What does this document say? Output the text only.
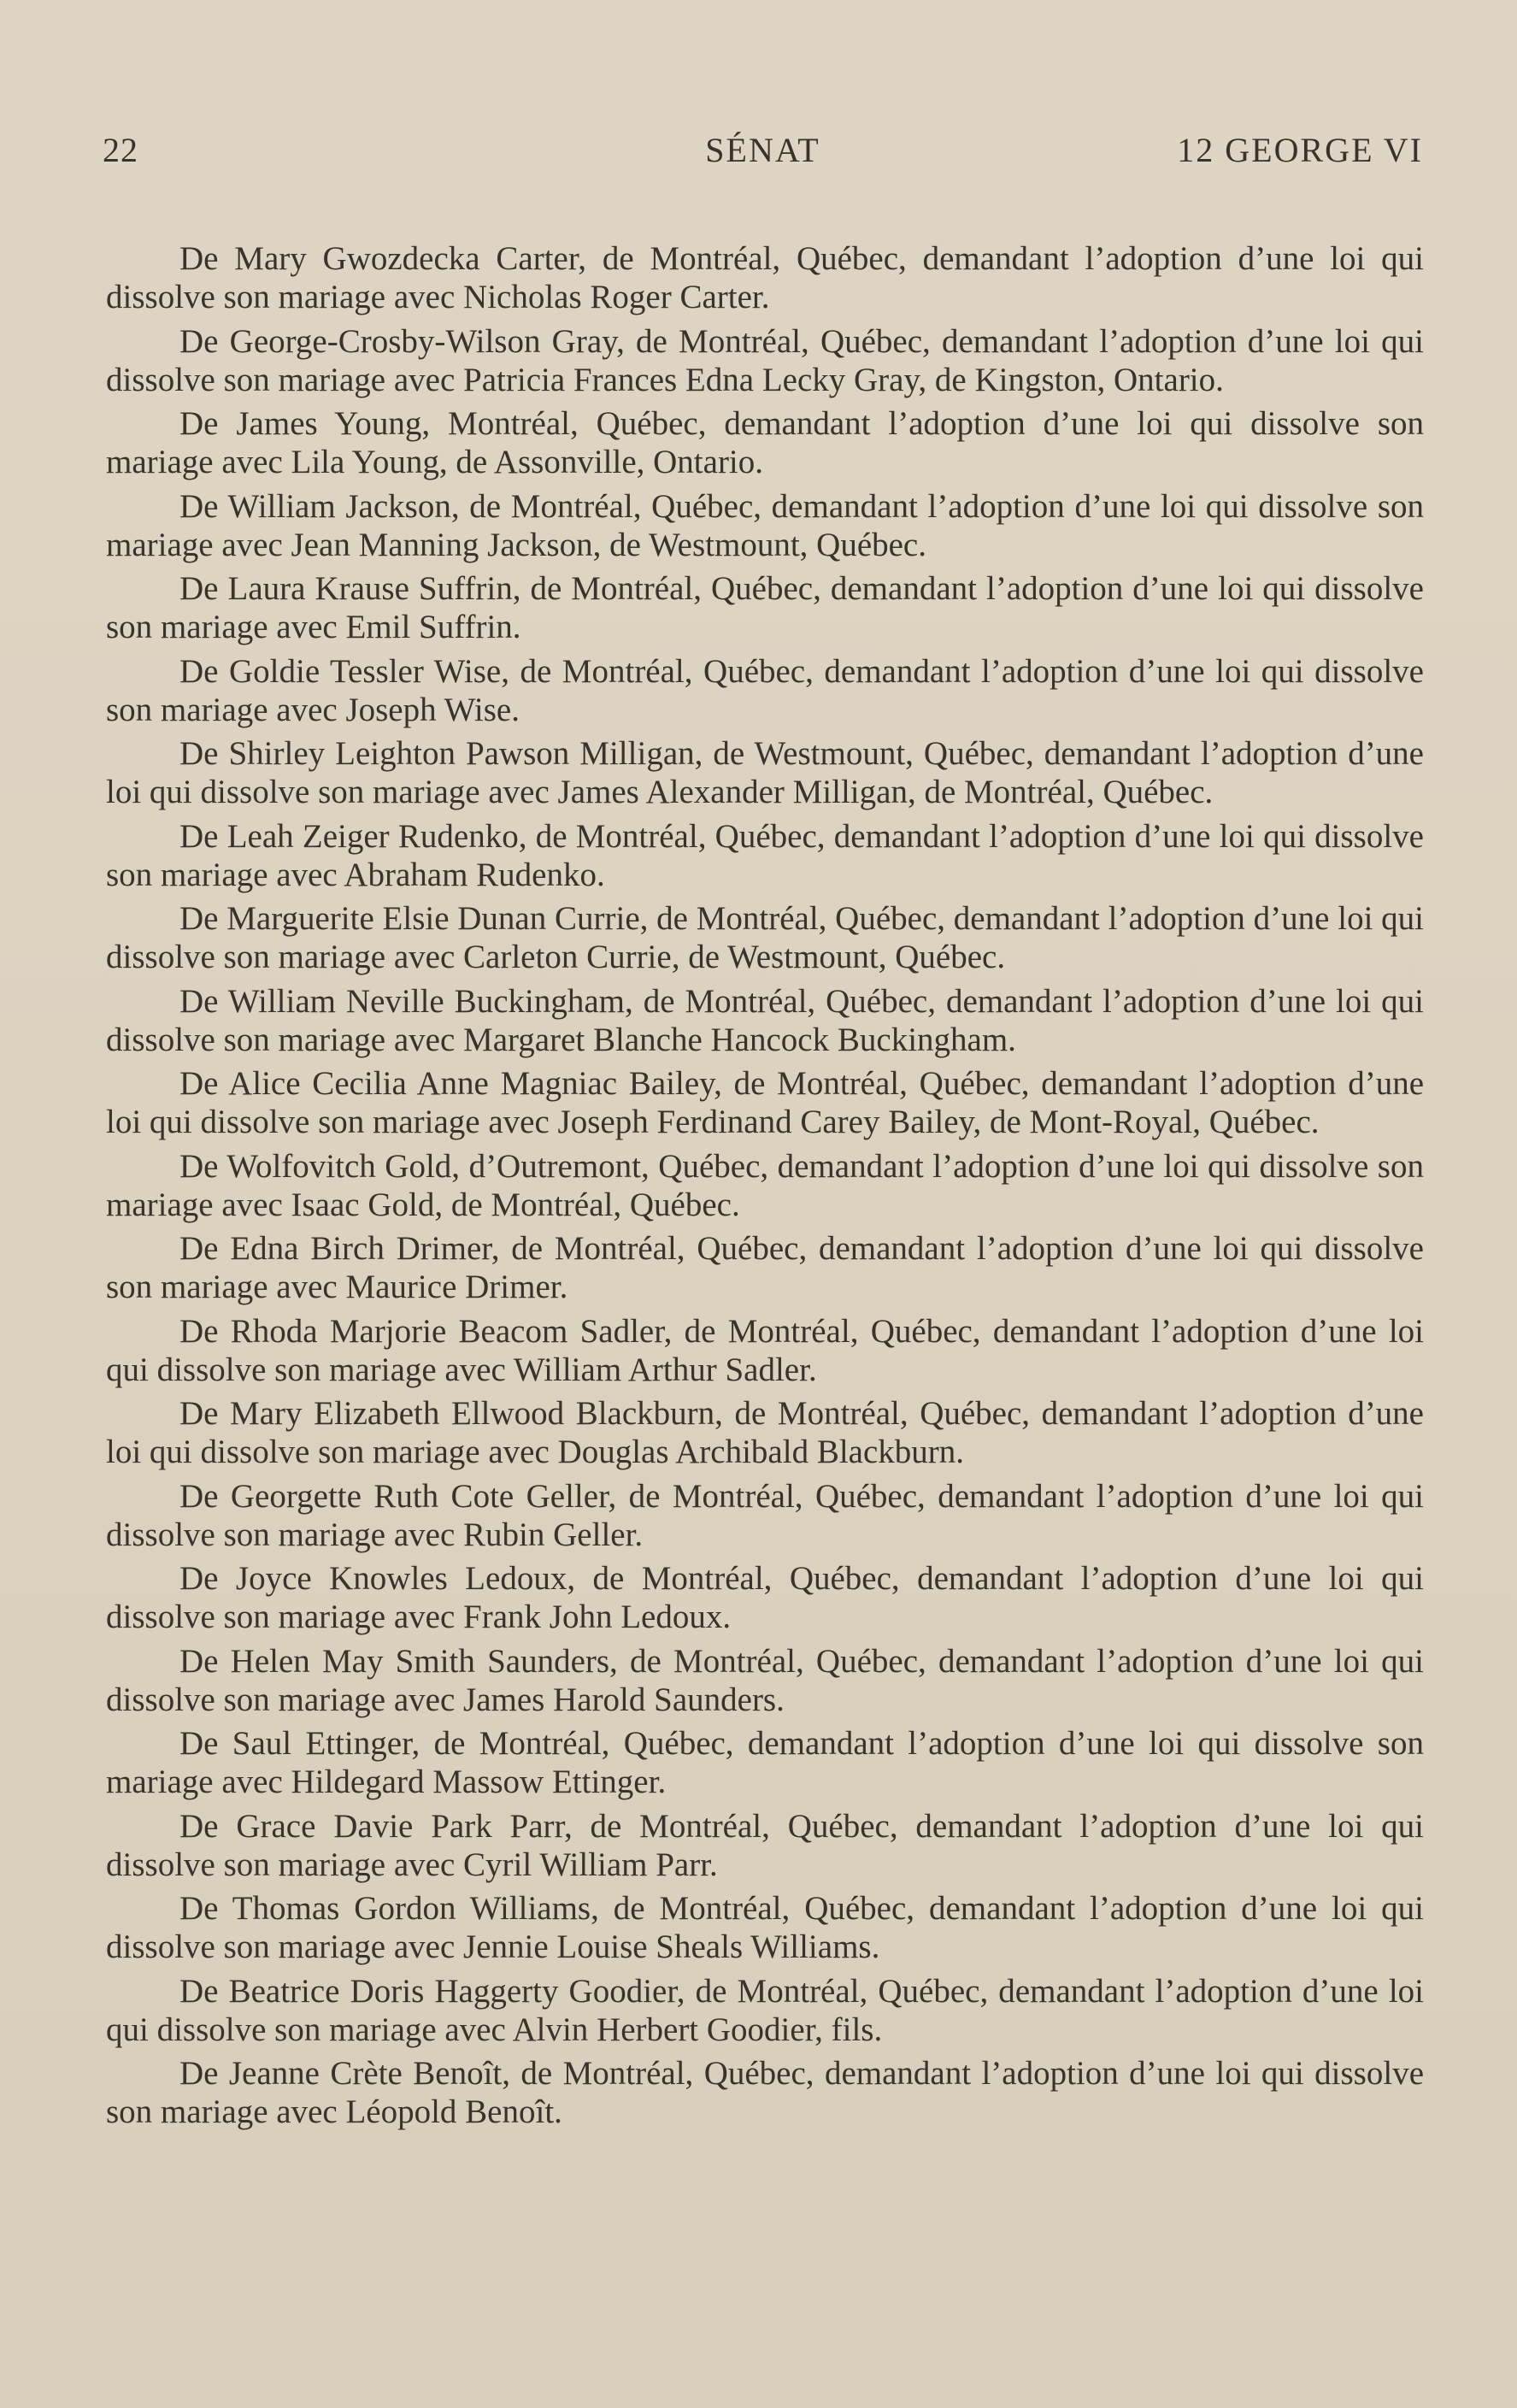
22	SÉNAT	12 GEORGE VI

De Mary Gwozdecka Carter, de Montréal, Québec, demandant l’adoption d’une loi qui dissolve son mariage avec Nicholas Roger Carter.

De George-Crosby-Wilson Gray, de Montréal, Québec, demandant l’adoption d’une loi qui dissolve son mariage avec Patricia Frances Edna Lecky Gray, de Kingston, Ontario.

De James Young, Montréal, Québec, demandant l’adoption d’une loi qui dissolve son mariage avec Lila Young, de Assonville, Ontario.

De William Jackson, de Montréal, Québec, demandant l’adoption d’une loi qui dissolve son mariage avec Jean Manning Jackson, de Westmount, Québec.

De Laura Krause Suffrin, de Montréal, Québec, demandant l’adoption d’une loi qui dissolve son mariage avec Emil Suffrin.

De Goldie Tessler Wise, de Montréal, Québec, demandant l’adoption d’une loi qui dissolve son mariage avec Joseph Wise.

De Shirley Leighton Pawson Milligan, de Westmount, Québec, demandant l’adoption d’une loi qui dissolve son mariage avec James Alexander Milligan, de Montréal, Québec.

De Leah Zeiger Rudenko, de Montréal, Québec, demandant l’adoption d’une loi qui dissolve son mariage avec Abraham Rudenko.

De Marguerite Elsie Dunan Currie, de Montréal, Québec, demandant l’adoption d’une loi qui dissolve son mariage avec Carleton Currie, de Westmount, Québec.

De William Neville Buckingham, de Montréal, Québec, demandant l’adoption d’une loi qui dissolve son mariage avec Margaret Blanche Hancock Buckingham.

De Alice Cecilia Anne Magniac Bailey, de Montréal, Québec, demandant l’adoption d’une loi qui dissolve son mariage avec Joseph Ferdinand Carey Bailey, de Mont-Royal, Québec.

De Wolfovitch Gold, d’Outremont, Québec, demandant l’adoption d’une loi qui dissolve son mariage avec Isaac Gold, de Montréal, Québec.

De Edna Birch Drimer, de Montréal, Québec, demandant l’adoption d’une loi qui dissolve son mariage avec Maurice Drimer.

De Rhoda Marjorie Beacom Sadler, de Montréal, Québec, demandant l’adoption d’une loi qui dissolve son mariage avec William Arthur Sadler.

De Mary Elizabeth Ellwood Blackburn, de Montréal, Québec, demandant l’adoption d’une loi qui dissolve son mariage avec Douglas Archibald Blackburn.

De Georgette Ruth Cote Geller, de Montréal, Québec, demandant l’adoption d’une loi qui dissolve son mariage avec Rubin Geller.

De Joyce Knowles Ledoux, de Montréal, Québec, demandant l’adoption d’une loi qui dissolve son mariage avec Frank John Ledoux.

De Helen May Smith Saunders, de Montréal, Québec, demandant l’adoption d’une loi qui dissolve son mariage avec James Harold Saunders.

De Saul Ettinger, de Montréal, Québec, demandant l’adoption d’une loi qui dissolve son mariage avec Hildegard Massow Ettinger.

De Grace Davie Park Parr, de Montréal, Québec, demandant l’adoption d’une loi qui dissolve son mariage avec Cyril William Parr.

De Thomas Gordon Williams, de Montréal, Québec, demandant l’adoption d’une loi qui dissolve son mariage avec Jennie Louise Sheals Williams.

De Beatrice Doris Haggerty Goodier, de Montréal, Québec, demandant l’adoption d’une loi qui dissolve son mariage avec Alvin Herbert Goodier, fils.

De Jeanne Crète Benoît, de Montréal, Québec, demandant l’adoption d’une loi qui dissolve son mariage avec Léopold Benoît.
